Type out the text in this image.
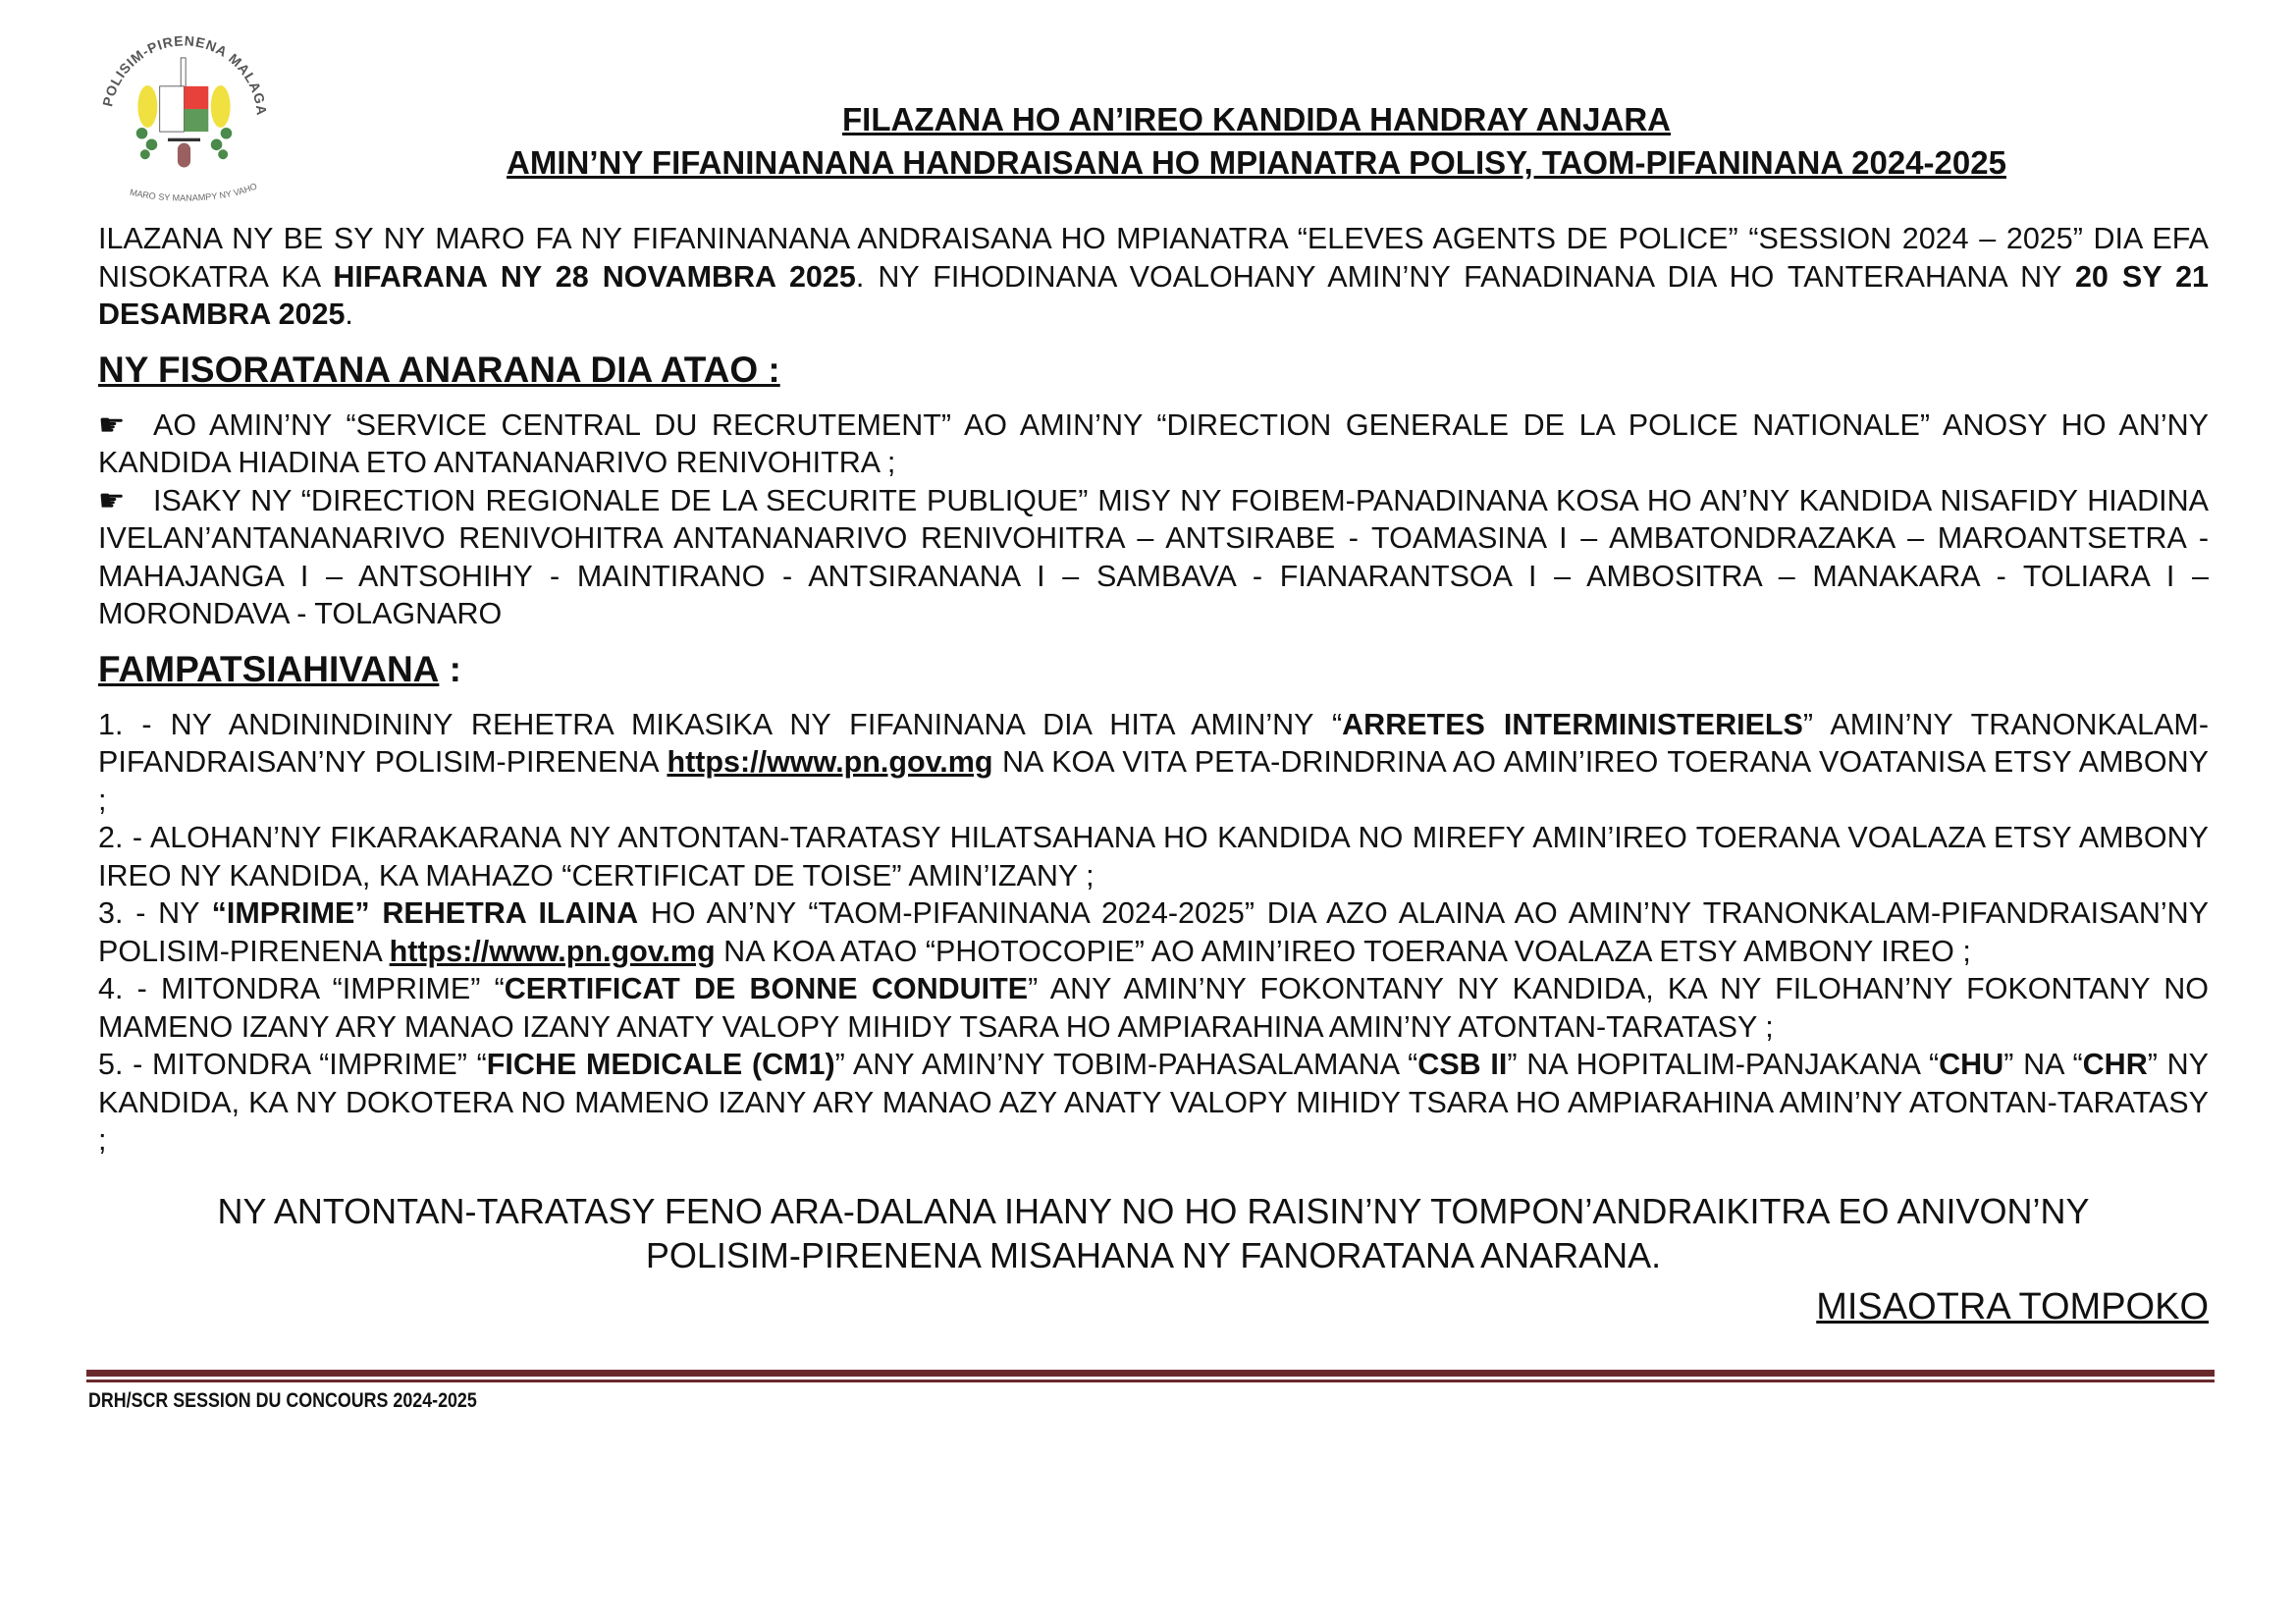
POLISIM-PIRENENA MALAGA
MARO SY MANAMPY NY VAHO
FILAZANA HO AN’IREO KANDIDA HANDRAY ANJARA
AMIN’NY FIFANINANANA HANDRAISANA HO MPIANATRA POLISY, TAOM-PIFANINANA 2024-2025
ILAZANA NY BE SY NY MARO FA NY FIFANINANANA ANDRAISANA HO MPIANATRA “ELEVES AGENTS DE POLICE” “SESSION 2024 – 2025” DIA EFA NISOKATRA KA HIFARANA NY 28 NOVAMBRA 2025. NY FIHODINANA VOALOHANY AMIN’NY FANADINANA DIA HO TANTERAHANA NY 20 SY 21 DESAMBRA 2025.
NY FISORATANA ANARANA DIA ATAO :
☛ AO AMIN’NY “SERVICE CENTRAL DU RECRUTEMENT” AO AMIN’NY “DIRECTION GENERALE DE LA POLICE NATIONALE” ANOSY HO AN’NY KANDIDA HIADINA ETO ANTANANARIVO RENIVOHITRA ;
☛ ISAKY NY “DIRECTION REGIONALE DE LA SECURITE PUBLIQUE” MISY NY FOIBEM-PANADINANA KOSA HO AN’NY KANDIDA NISAFIDY HIADINA IVELAN’ANTANANARIVO RENIVOHITRA ANTANANARIVO RENIVOHITRA – ANTSIRABE - TOAMASINA I – AMBATONDRAZAKA – MAROANTSETRA - MAHAJANGA I – ANTSOHIHY - MAINTIRANO - ANTSIRANANA I – SAMBAVA - FIANARANTSOA I – AMBOSITRA – MANAKARA - TOLIARA I – MORONDAVA - TOLAGNARO
FAMPATSIAHIVANA :
1. - NY ANDININDININY REHETRA MIKASIKA NY FIFANINANA DIA HITA AMIN’NY “ARRETES INTERMINISTERIELS” AMIN’NY TRANONKALAM-PIFANDRAISAN’NY POLISIM-PIRENENA https://www.pn.gov.mg NA KOA VITA PETA-DRINDRINA AO AMIN’IREO TOERANA VOATANISA ETSY AMBONY ;
2. - ALOHAN’NY FIKARAKARANA NY ANTONTAN-TARATASY HILATSAHANA HO KANDIDA NO MIREFY AMIN’IREO TOERANA VOALAZA ETSY AMBONY IREO NY KANDIDA, KA MAHAZO “CERTIFICAT DE TOISE” AMIN’IZANY ;
3. - NY “IMPRIME” REHETRA ILAINA HO AN’NY “TAOM-PIFANINANA 2024-2025” DIA AZO ALAINA AO AMIN’NY TRANONKALAM-PIFANDRAISAN’NY POLISIM-PIRENENA https://www.pn.gov.mg NA KOA ATAO “PHOTOCOPIE” AO AMIN’IREO TOERANA VOALAZA ETSY AMBONY IREO ;
4. - MITONDRA “IMPRIME” “CERTIFICAT DE BONNE CONDUITE” ANY AMIN’NY FOKONTANY NY KANDIDA, KA NY FILOHAN’NY FOKONTANY NO MAMENO IZANY ARY MANAO IZANY ANATY VALOPY MIHIDY TSARA HO AMPIARAHINA AMIN’NY ATONTAN-TARATASY ;
5. - MITONDRA “IMPRIME” “FICHE MEDICALE (CM1)” ANY AMIN’NY TOBIM-PAHASALAMANA “CSB II” NA HOPITALIM-PANJAKANA “CHU” NA “CHR” NY KANDIDA, KA NY DOKOTERA NO MAMENO IZANY ARY MANAO AZY ANATY VALOPY MIHIDY TSARA HO AMPIARAHINA AMIN’NY ATONTAN-TARATASY ;
NY ANTONTAN-TARATASY FENO ARA-DALANA IHANY NO HO RAISIN’NY TOMPON’ANDRAIKITRA EO ANIVON’NY
POLISIM-PIRENENA MISAHANA NY FANORATANA ANARANA.
MISAOTRA TOMPOKO
DRH/SCR SESSION DU CONCOURS 2024-2025
